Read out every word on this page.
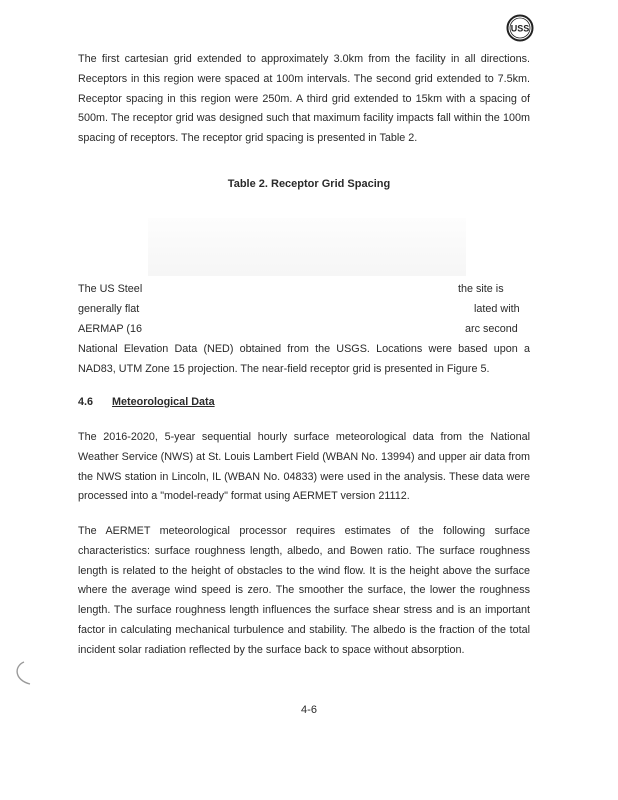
USS

The first cartesian grid extended to approximately 3.0km from the facility in all directions. Receptors in this region were spaced at 100m intervals. The second grid extended to 7.5km. Receptor spacing in this region were 250m. A third grid extended to 15km with a spacing of 500m. The receptor grid was designed such that maximum facility impacts fall within the 100m spacing of receptors. The receptor grid spacing is presented in Table 2.

Table 2. Receptor Grid Spacing
The US Steel	the site is
generally flat	lated with
AERMAP (16	arc second

National Elevation Data (NED) obtained from the USGS. Locations were based upon a NAD83, UTM Zone 15 projection. The near-field receptor grid is presented in Figure 5.

4.6 Meteorological Data

The 2016-2020, 5-year sequential hourly surface meteorological data from the National Weather Service (NWS) at St. Louis Lambert Field (WBAN No. 13994) and upper air data from the NWS station in Lincoln, IL (WBAN No. 04833) were used in the analysis. These data were processed into a "model-ready" format using AERMET version 21112.

The AERMET meteorological processor requires estimates of the following surface characteristics: surface roughness length, albedo, and Bowen ratio. The surface roughness length is related to the height of obstacles to the wind flow. It is the height above the surface where the average wind speed is zero. The smoother the surface, the lower the roughness length. The surface roughness length influences the surface shear stress and is an important factor in calculating mechanical turbulence and stability. The albedo is the fraction of the total incident solar radiation reflected by the surface back to space without absorption.

4-6
